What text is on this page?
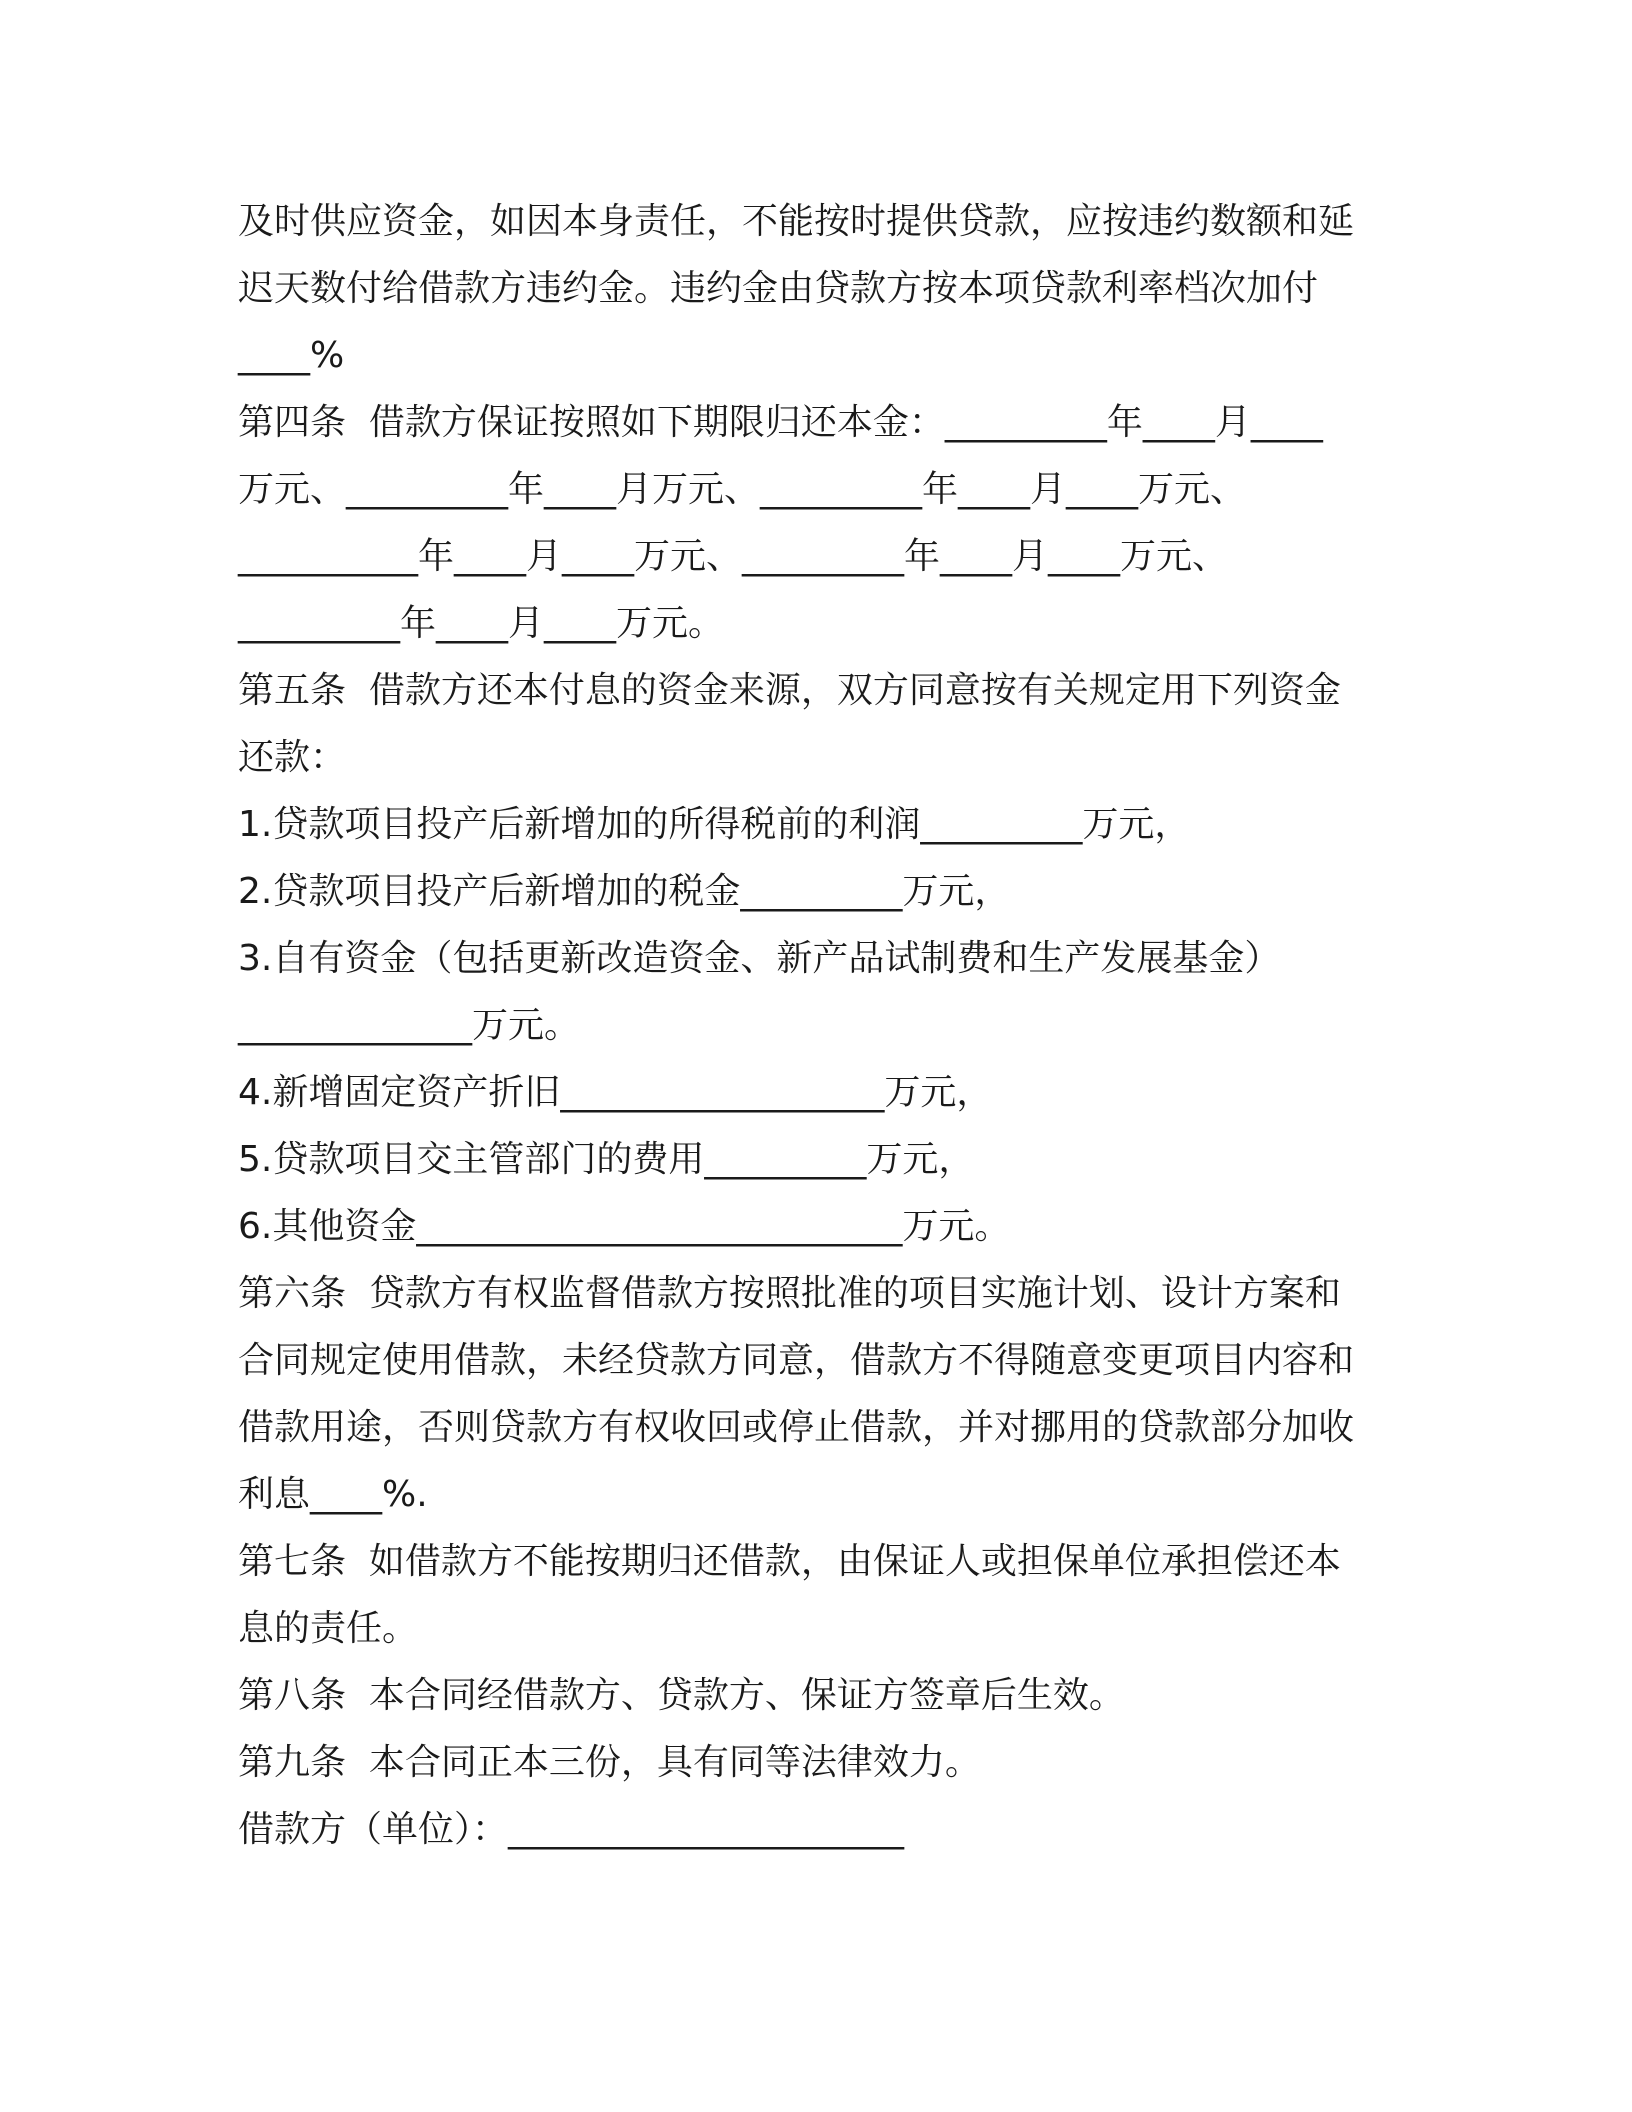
及时供应资金，如因本身责任，不能按时提供贷款，应按违约数额和延
迟天数付给借款方违约金。违约金由贷款方按本项贷款利率档次加付
____%
第四条  借款方保证按照如下期限归还本金：_________年____月____
万元、_________年____月万元、_________年____月____万元、
__________年____月____万元、_________年____月____万元、
_________年____月____万元。
第五条  借款方还本付息的资金来源，双方同意按有关规定用下列资金
还款：
1.贷款项目投产后新增加的所得税前的利润_________万元，
2.贷款项目投产后新增加的税金_________万元，
3.自有资金（包括更新改造资金、新产品试制费和生产发展基金）
_____________万元。
4.新增固定资产折旧__________________万元，
5.贷款项目交主管部门的费用_________万元，
6.其他资金___________________________万元。
第六条  贷款方有权监督借款方按照批准的项目实施计划、设计方案和
合同规定使用借款，未经贷款方同意，借款方不得随意变更项目内容和
借款用途，否则贷款方有权收回或停止借款，并对挪用的贷款部分加收
利息____%.
第七条  如借款方不能按期归还借款，由保证人或担保单位承担偿还本
息的责任。
第八条  本合同经借款方、贷款方、保证方签章后生效。
第九条  本合同正本三份，具有同等法律效力。
借款方（单位）：______________________
